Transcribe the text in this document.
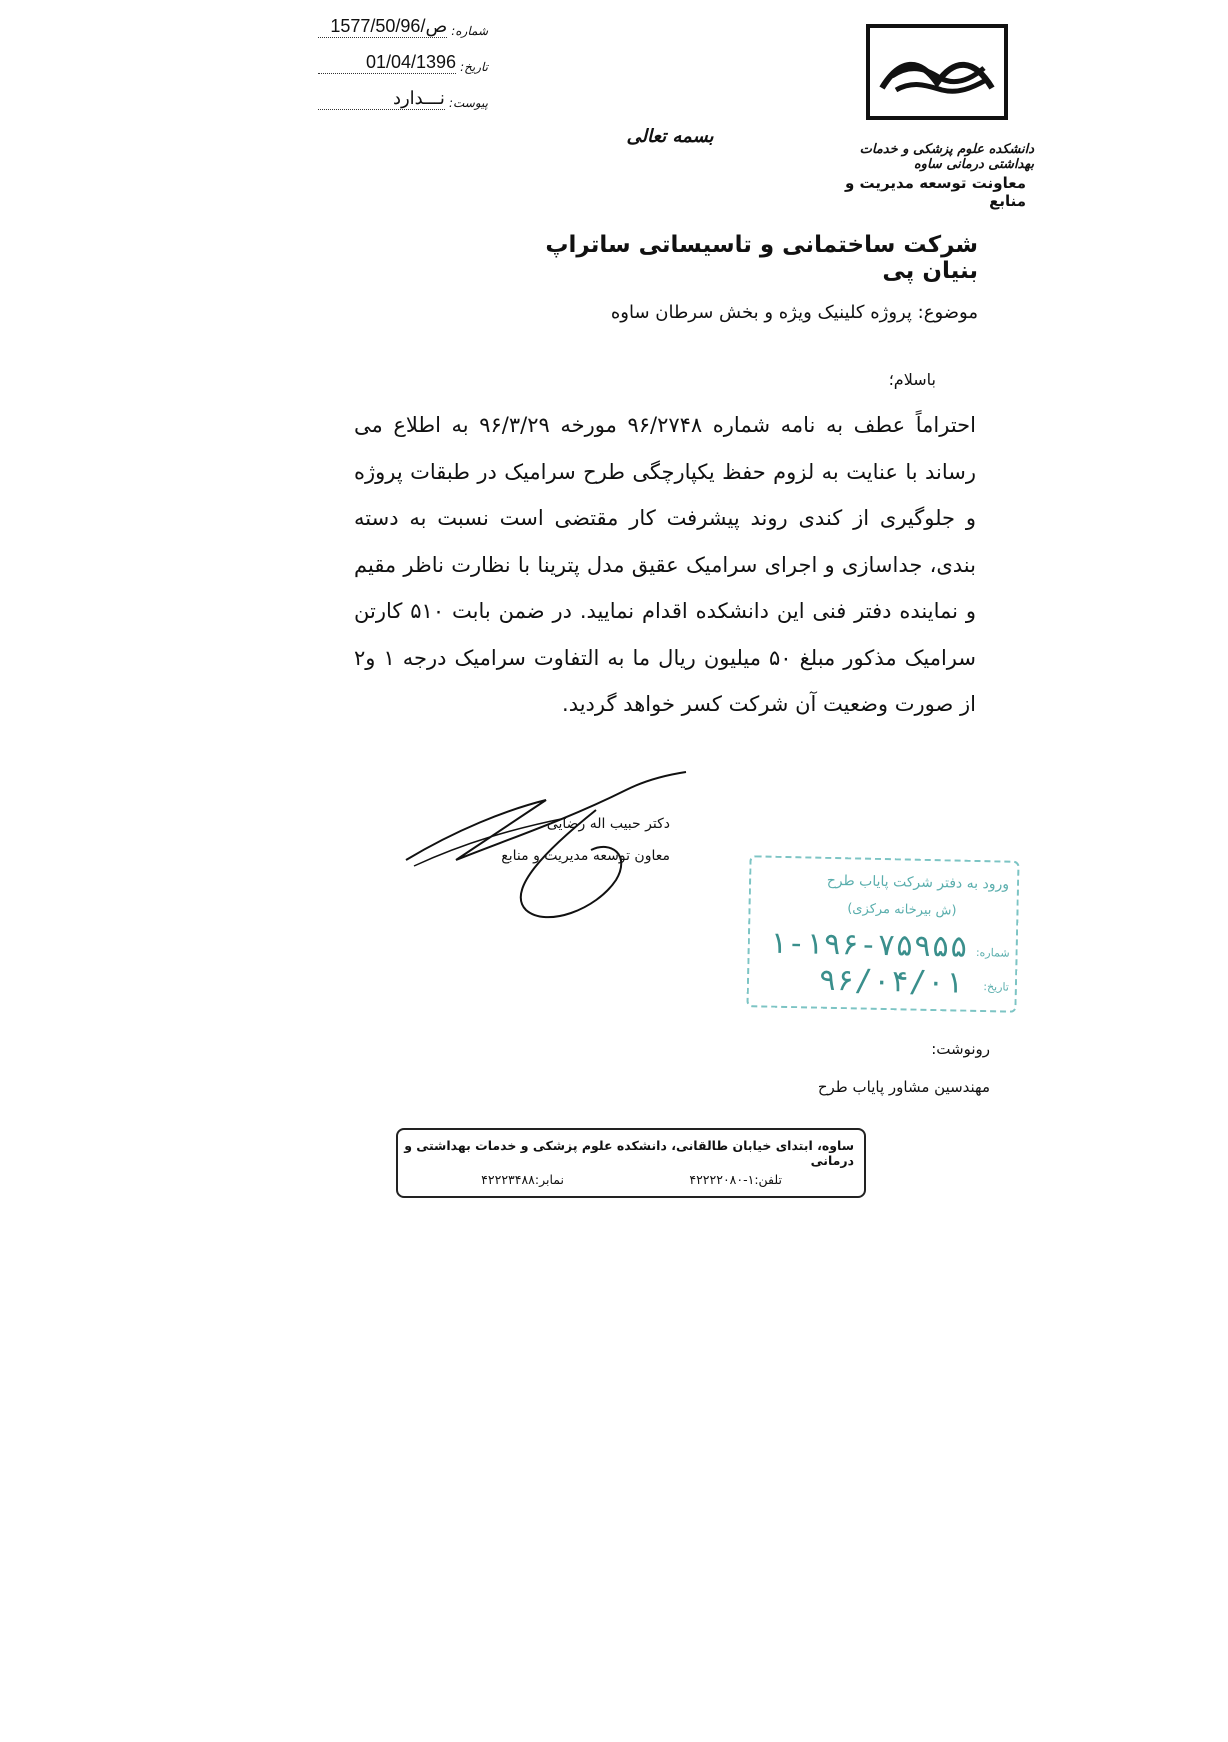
دانشکده علوم پزشکی و خدمات بهداشتی درمانی ساوه
معاونت توسعه مدیریت و منابع
1577/50/ص/96 شماره:
01/04/1396 تاریخ:
نـــدارد پیوست:
بسمه تعالی
شرکت ساختمانی و تاسیساتی ساتراپ بنیان پی
موضوع: پروژه کلینیک ویژه و بخش سرطان ساوه
باسلام؛
احتراماً عطف به نامه شماره ۹۶/۲۷۴۸ مورخه ۹۶/۳/۲۹ به اطلاع می رساند با عنایت به لزوم حفظ یکپارچگی طرح سرامیک در طبقات پروژه و جلوگیری از کندی روند پیشرفت کار مقتضی است نسبت به دسته بندی، جداسازی و اجرای سرامیک عقیق مدل پترینا با نظارت ناظر مقیم و نماینده دفتر فنی این دانشکده اقدام نمایید. در ضمن بابت ۵۱۰ کارتن سرامیک مذکور مبلغ ۵۰ میلیون ریال ما به التفاوت سرامیک درجه ۱ و۲ از صورت وضعیت آن شرکت کسر خواهد گردید.
دکتر حبیب اله رضایی
معاون توسعه مدیریت و منابع
ورود به دفتر شرکت پایاب طرح
(ش بیرخانه مرکزی)
شماره:
۱-۱۹۶-۷۵۹۵۵
تاریخ:
۹۶/۰۴/۰۱
رونوشت:
مهندسین مشاور پایاب طرح
ساوه، ابتدای خیابان طالقانی، دانشکده علوم پزشکی و خدمات بهداشتی و درمانی
تلفن:۱-۴۲۲۲۲۰۸۰
نمابر:۴۲۲۲۳۴۸۸
